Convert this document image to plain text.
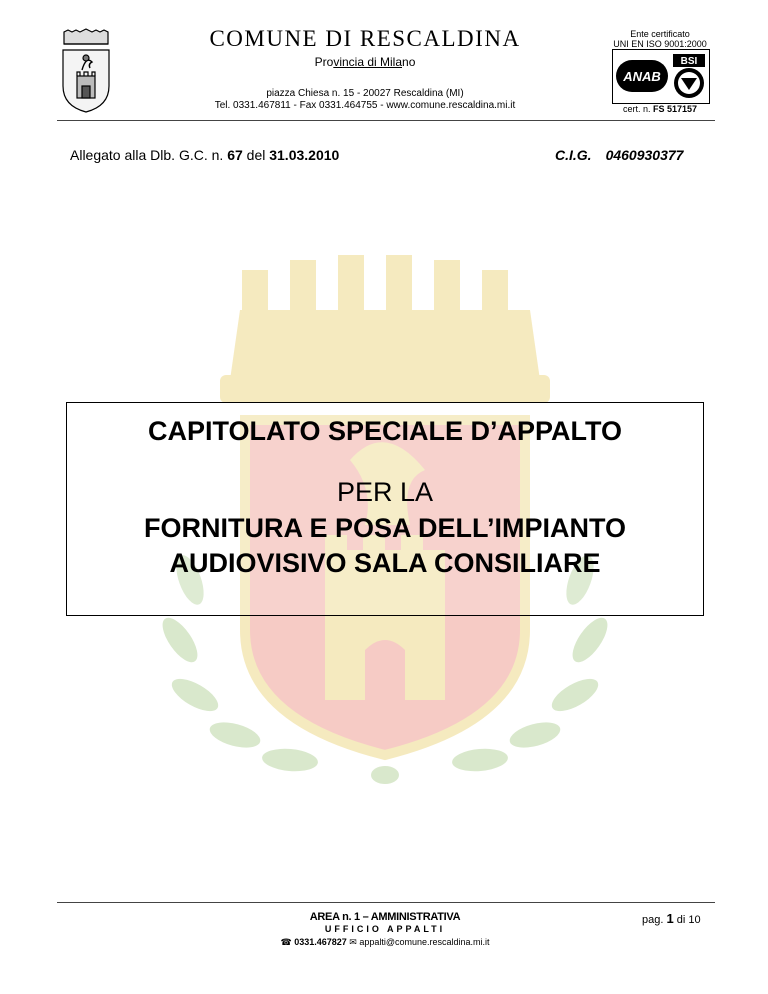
COMUNE DI RESCALDINA
Provincia di Milano
piazza Chiesa n. 15 - 20027 Rescaldina (MI)
Tel. 0331.467811 - Fax 0331.464755 - www.comune.rescaldina.mi.it
Ente certificato
UNI EN ISO 9001:2000
ANAB
BSI
cert. n. FS 517157
Allegato alla Dlb. G.C. n. 67 del 31.03.2010	C.I.G. 0460930377
CAPITOLATO SPECIALE D’APPALTO
PER LA
FORNITURA E POSA DELL’IMPIANTO
AUDIOVISIVO SALA CONSILIARE
AREA n. 1 – AMMINISTRATIVA
UFFICIO APPALTI
☎ 0331.467827 ✉ appalti@comune.rescaldina.mi.it
pag. 1 di 10
